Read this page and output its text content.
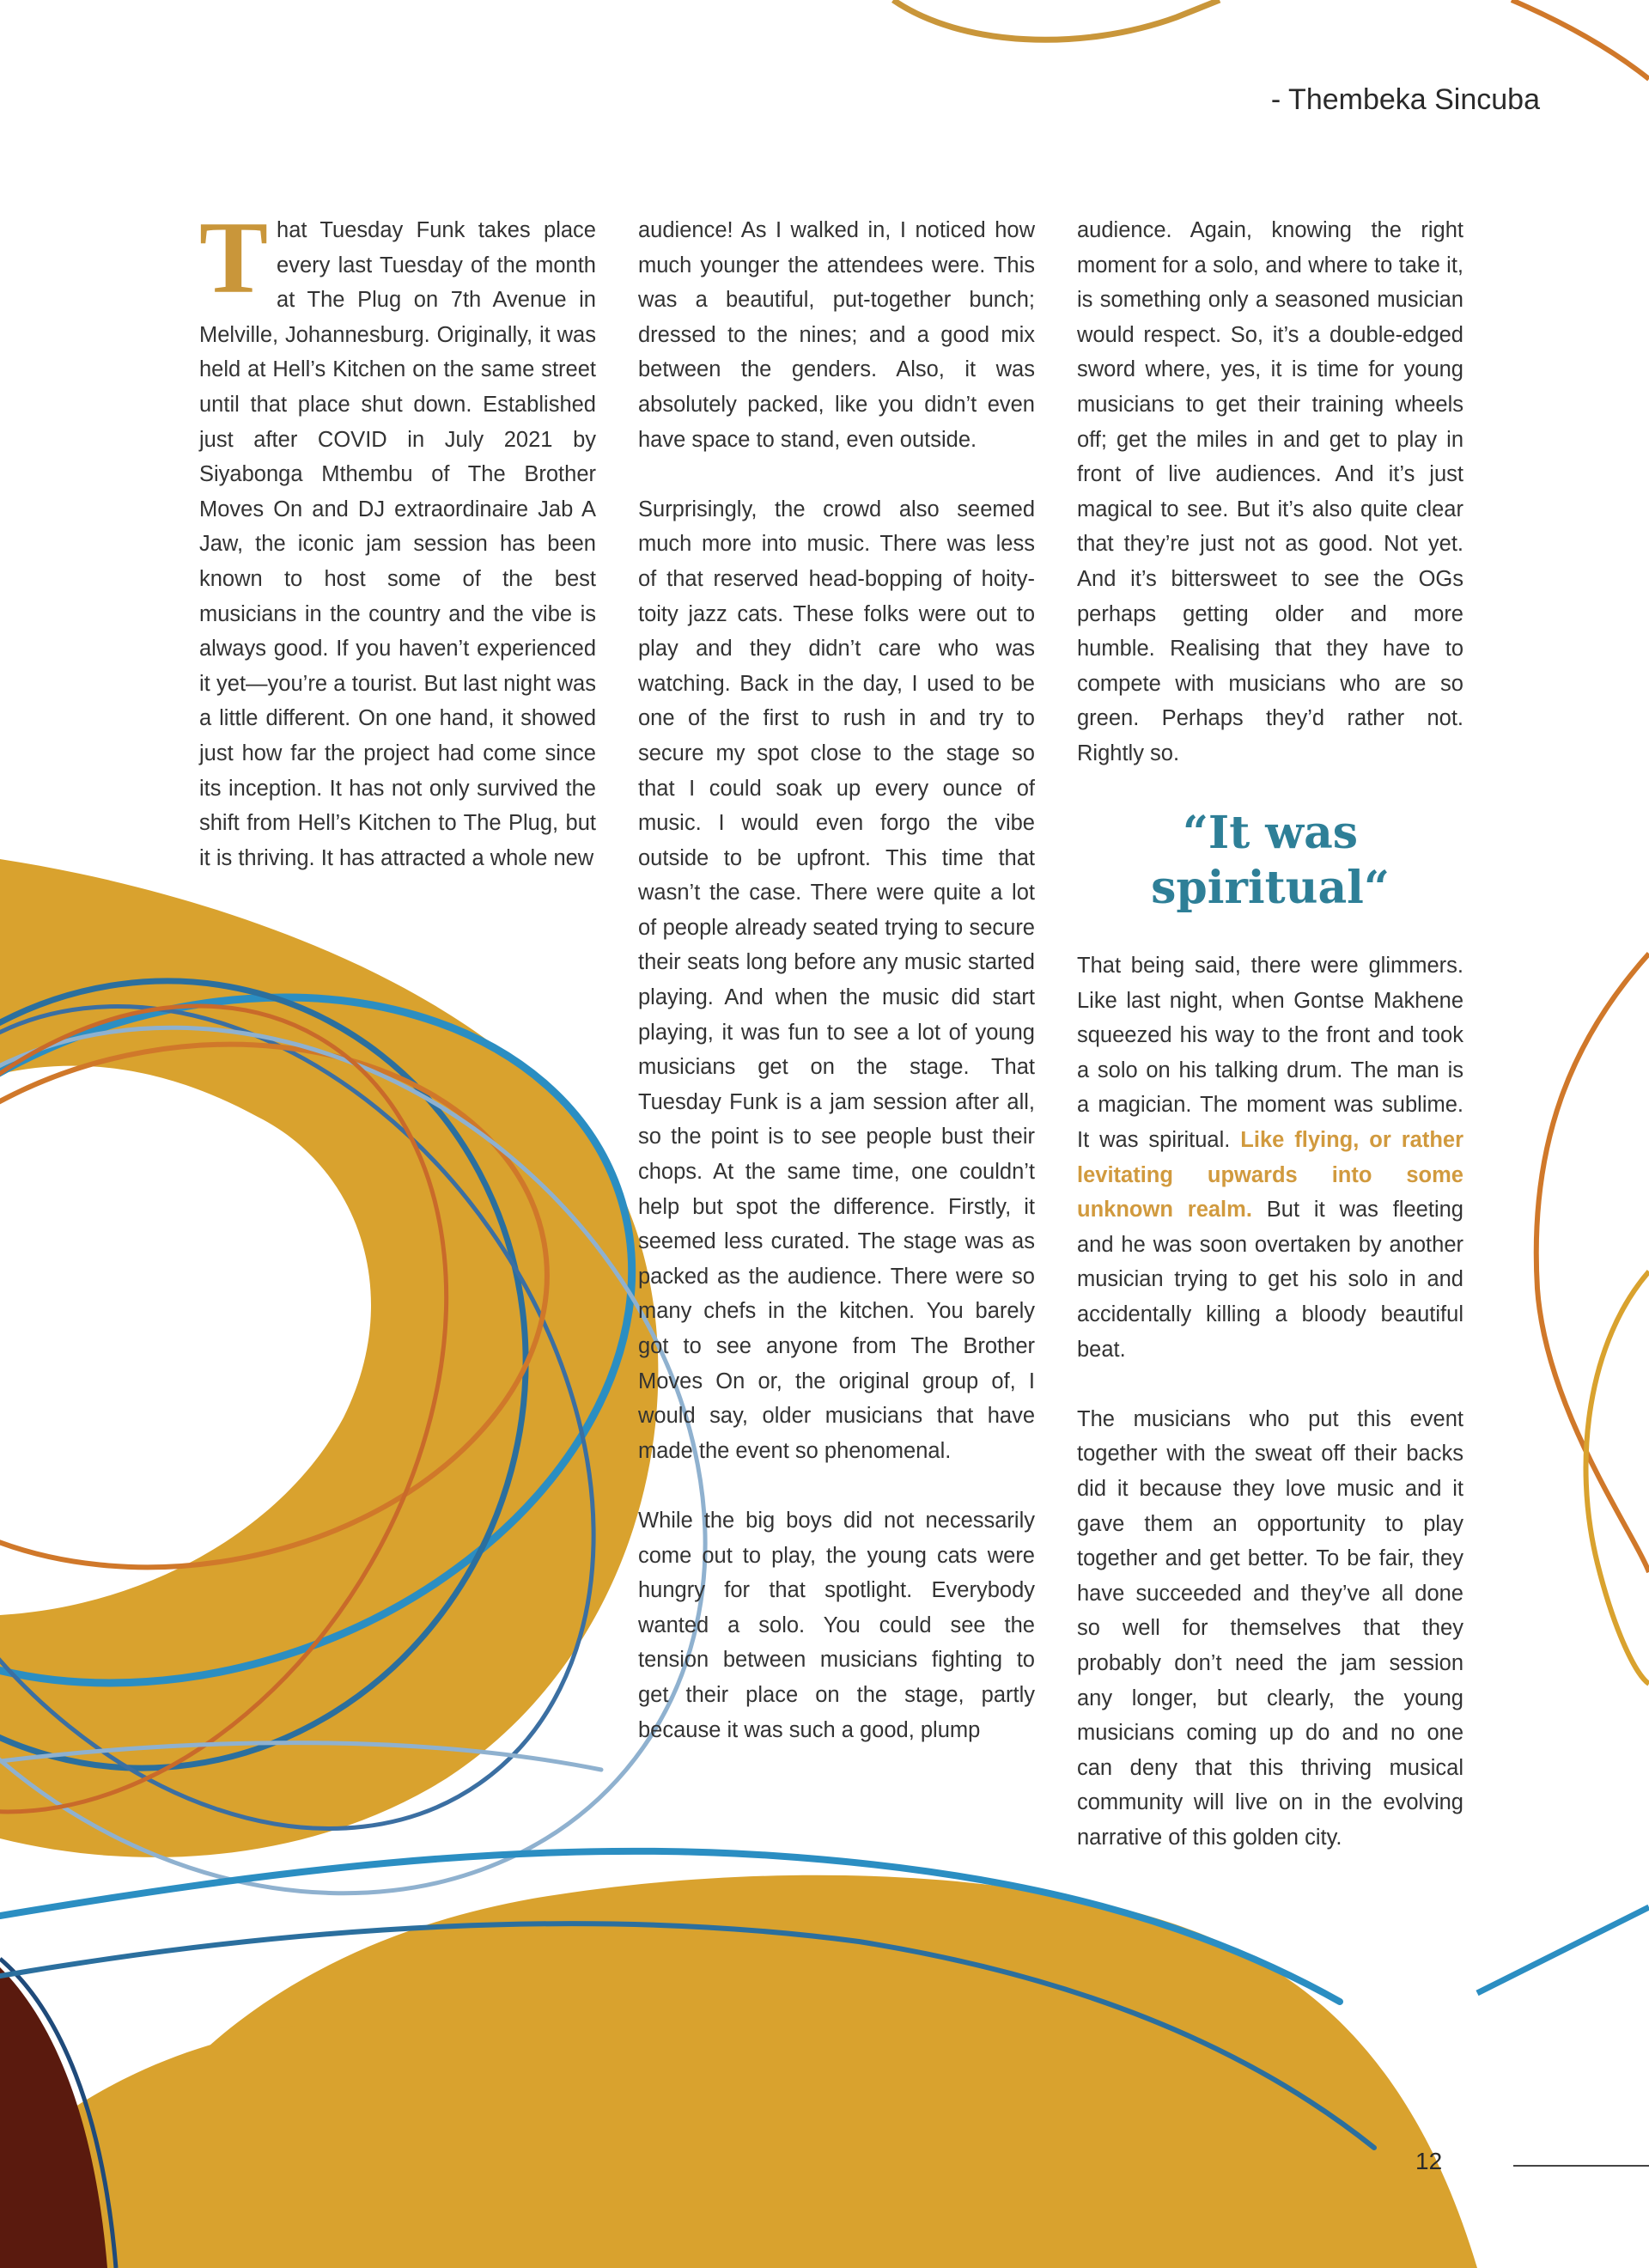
- Thembeka Sincuba

That Tuesday Funk takes place every last Tuesday of the month at The Plug on 7th Avenue in Melville, Johannesburg. Originally, it was held at Hell’s Kitchen on the same street until that place shut down. Established just after COVID in July 2021 by Siyabonga Mthembu of The Brother Moves On and DJ extraordinaire Jab A Jaw, the iconic jam session has been known to host some of the best musicians in the country and the vibe is always good. If you haven’t experienced it yet—you’re a tourist. But last night was a little different. On one hand, it showed just how far the project had come since its inception. It has not only survived the shift from Hell’s Kitchen to The Plug, but it is thriving. It has attracted a whole new

audience! As I walked in, I noticed how much younger the attendees were. This was a beautiful, put-together bunch; dressed to the nines; and a good mix between the genders. Also, it was absolutely packed, like you didn’t even have space to stand, even outside.

Surprisingly, the crowd also seemed much more into music. There was less of that reserved head-bopping of hoity-toity jazz cats. These folks were out to play and they didn’t care who was watching. Back in the day, I used to be one of the first to rush in and try to secure my spot close to the stage so that I could soak up every ounce of music. I would even forgo the vibe outside to be upfront. This time that wasn’t the case. There were quite a lot of people already seated trying to secure their seats long before any music started playing. And when the music did start playing, it was fun to see a lot of young musicians get on the stage. That Tuesday Funk is a jam session after all, so the point is to see people bust their chops. At the same time, one couldn’t help but spot the difference. Firstly, it seemed less curated. The stage was as packed as the audience. There were so many chefs in the kitchen. You barely got to see anyone from The Brother Moves On or, the original group of, I would say, older musicians that have made the event so phenomenal.

While the big boys did not necessarily come out to play, the young cats were hungry for that spotlight. Everybody wanted a solo. You could see the tension between musicians fighting to get their place on the stage, partly because it was such a good, plump

audience. Again, knowing the right moment for a solo, and where to take it, is something only a seasoned musician would respect. So, it’s a double-edged sword where, yes, it is time for young musicians to get their training wheels off; get the miles in and get to play in front of live audiences. And it’s just magical to see. But it’s also quite clear that they’re just not as good. Not yet. And it’s bittersweet to see the OGs perhaps getting older and more humble. Realising that they have to compete with musicians who are so green. Perhaps they’d rather not. Rightly so.

“It was spiritual“

That being said, there were glimmers. Like last night, when Gontse Makhene squeezed his way to the front and took a solo on his talking drum. The man is a magician. The moment was sublime. It was spiritual. Like flying, or rather levitating upwards into some unknown realm. But it was fleeting and he was soon overtaken by another musician trying to get his solo in and accidentally killing a bloody beautiful beat.

The musicians who put this event together with the sweat off their backs did it because they love music and it gave them an opportunity to play together and get better. To be fair, they have succeeded and they’ve all done so well for themselves that they probably don’t need the jam session any longer, but clearly, the young musicians coming up do and no one can deny that this thriving musical community will live on in the evolving narrative of this golden city.

12
